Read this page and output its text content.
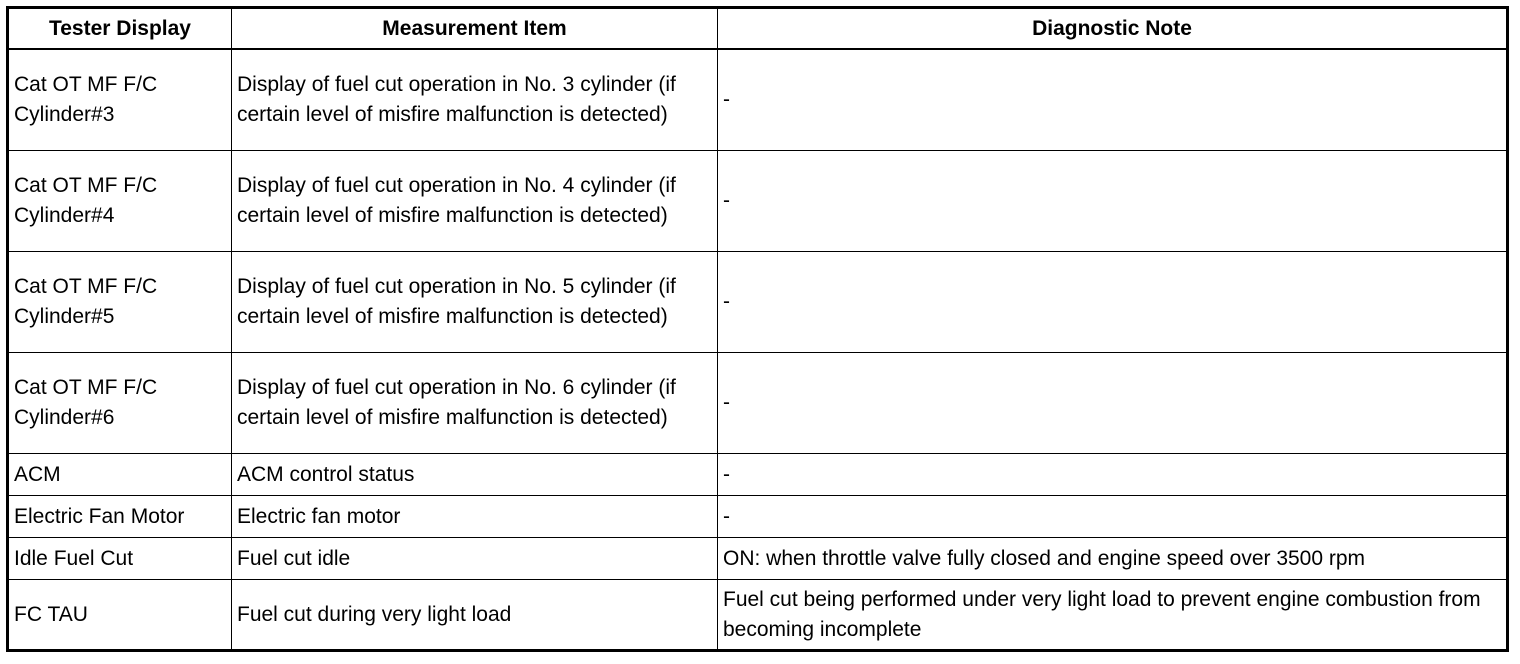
Tester Display	Measurement Item	Diagnostic Note
Cat OT MF F/C Cylinder#3	Display of fuel cut operation in No. 3 cylinder (if certain level of misfire malfunction is detected)	-
Cat OT MF F/C Cylinder#4	Display of fuel cut operation in No. 4 cylinder (if certain level of misfire malfunction is detected)	-
Cat OT MF F/C Cylinder#5	Display of fuel cut operation in No. 5 cylinder (if certain level of misfire malfunction is detected)	-
Cat OT MF F/C Cylinder#6	Display of fuel cut operation in No. 6 cylinder (if certain level of misfire malfunction is detected)	-
ACM	ACM control status	-
Electric Fan Motor	Electric fan motor	-
Idle Fuel Cut	Fuel cut idle	ON: when throttle valve fully closed and engine speed over 3500 rpm
FC TAU	Fuel cut during very light load	Fuel cut being performed under very light load to prevent engine combustion from becoming incomplete
